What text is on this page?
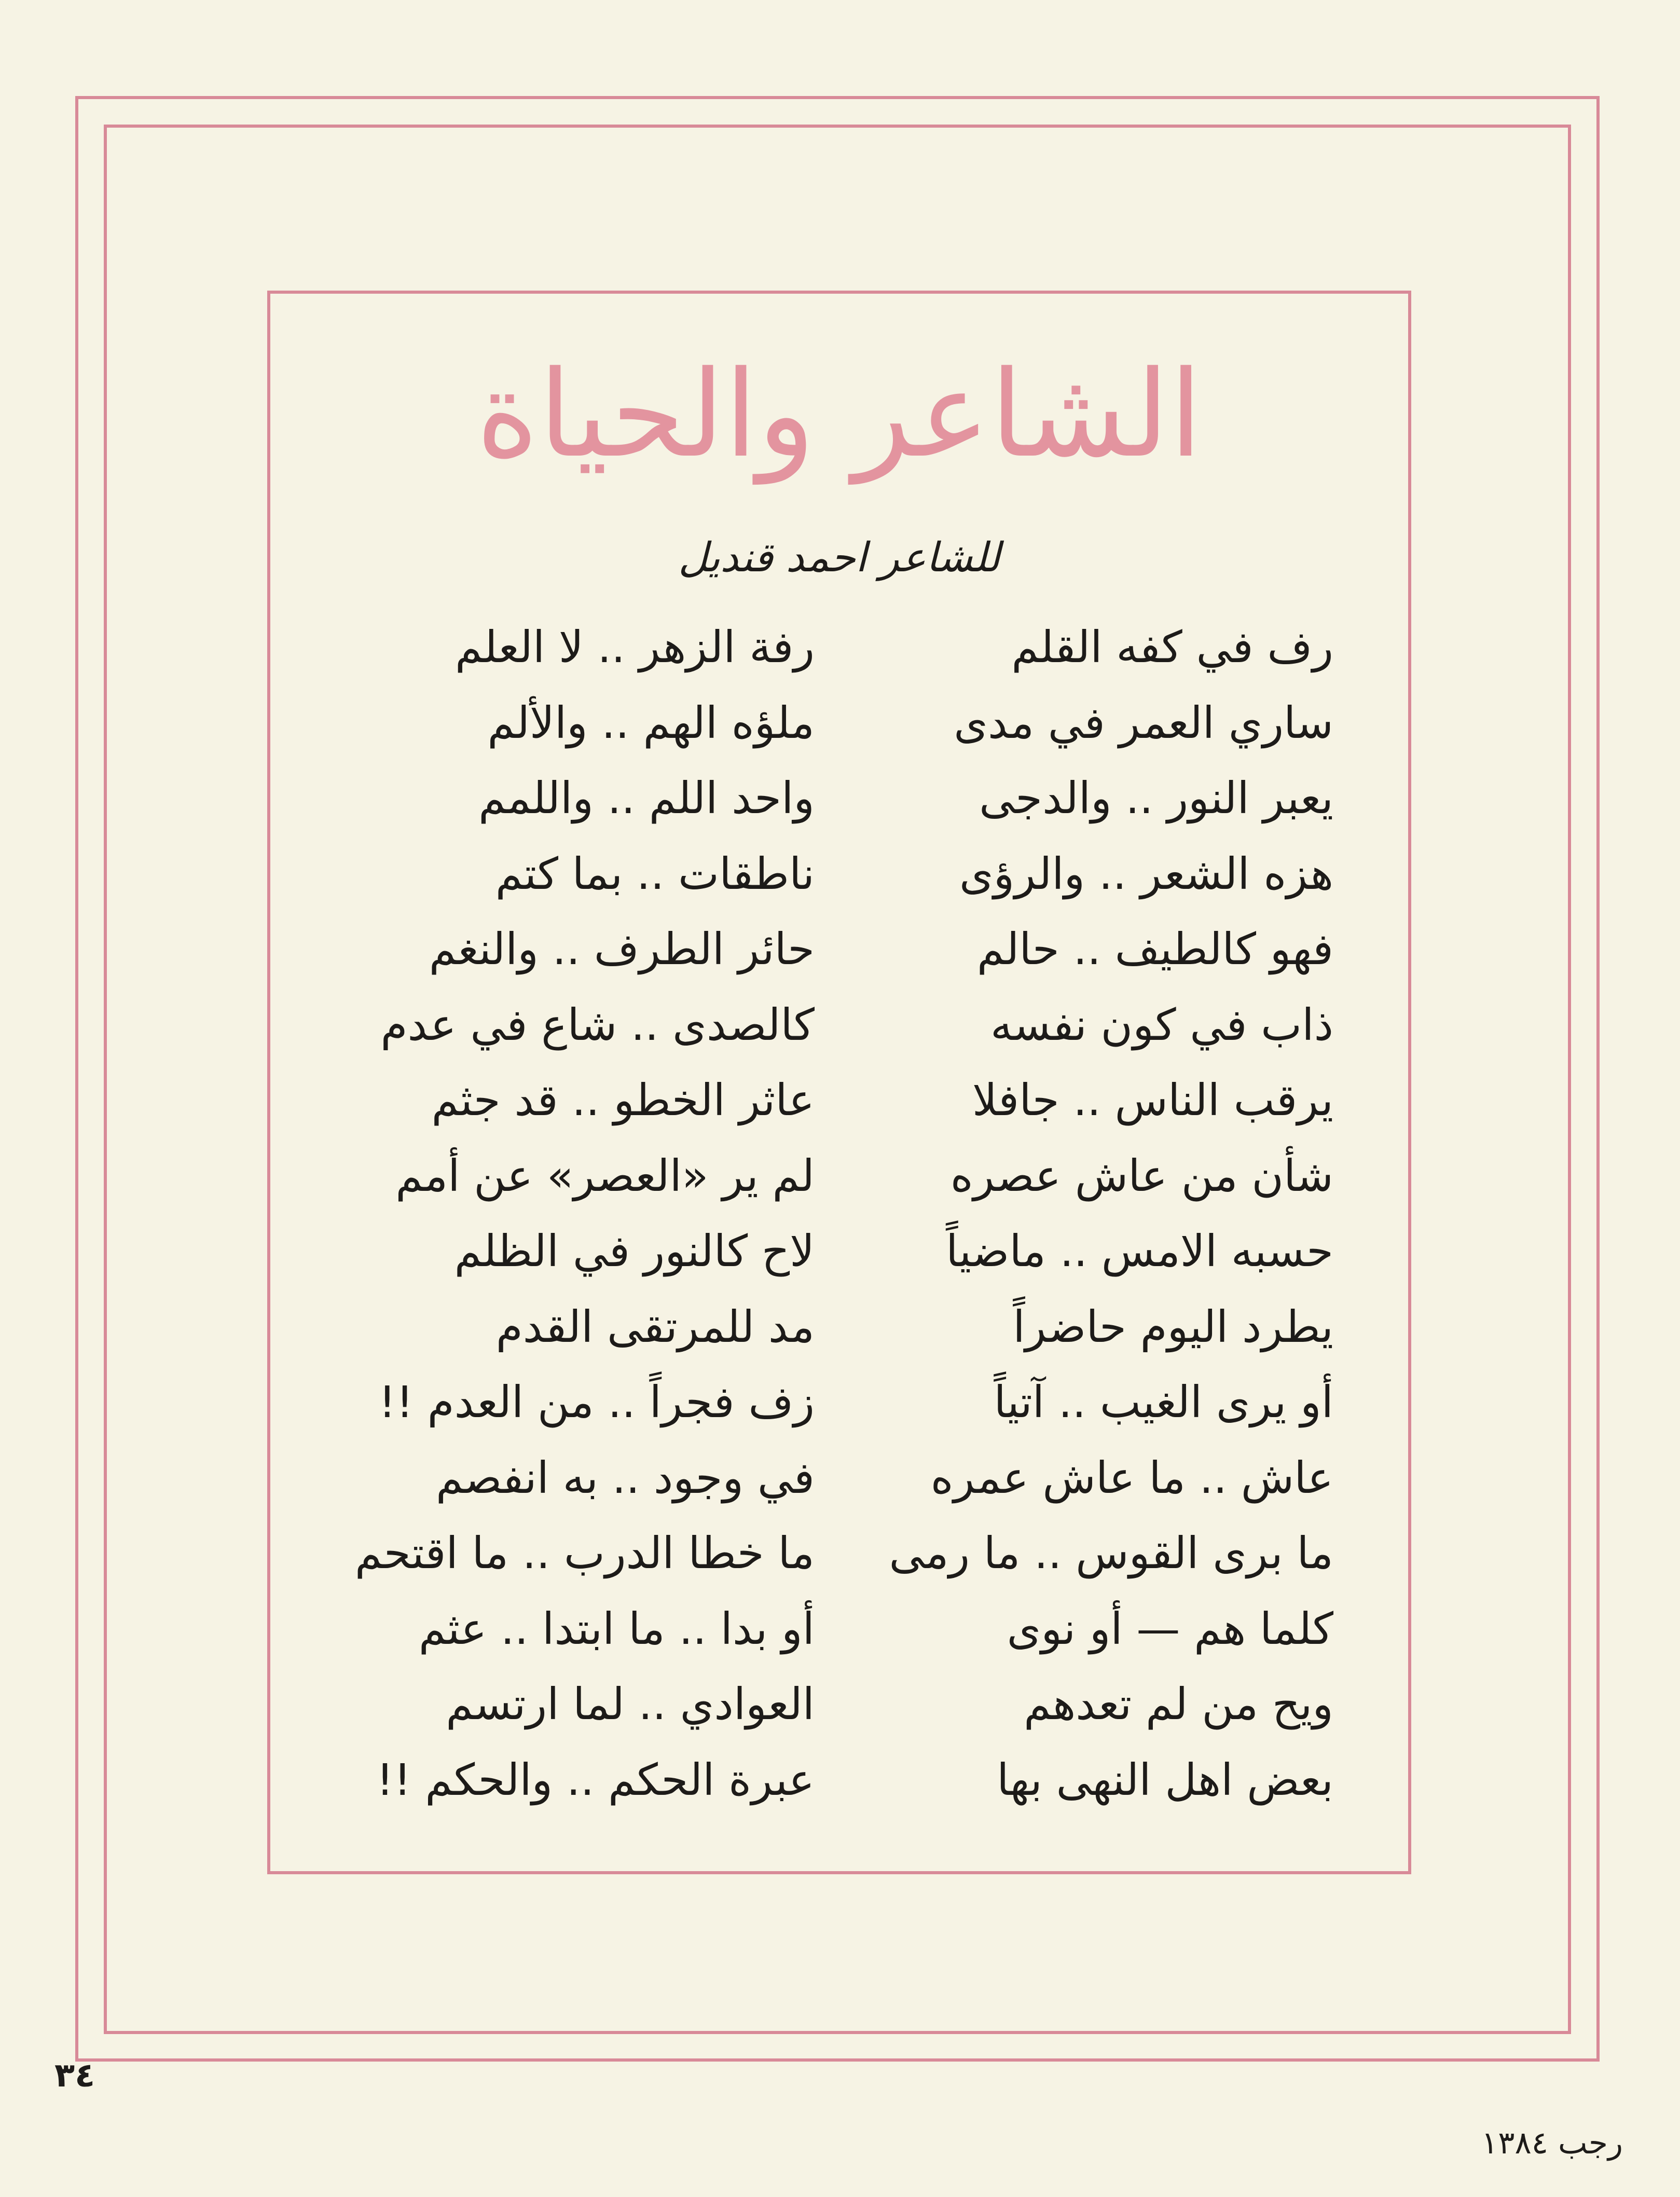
الشاعر والحياة
للشاعر احمد قنديل
رف في كفه القلم
رفة الزهر .. لا العلم
ساري العمر في مدى
ملؤه الهم .. والألم
يعبر النور .. والدجى
واحد اللم .. واللمم
هزه الشعر .. والرؤى
ناطقات .. بما كتم
فهو كالطيف .. حالم
حائر الطرف .. والنغم
ذاب في كون نفسه
كالصدى .. شاع في عدم
يرقب الناس .. جافلا
عاثر الخطو .. قد جثم
شأن من عاش عصره
لم ير «العصر» عن أمم
حسبه الامس .. ماضياً
لاح كالنور في الظلم
يطرد اليوم حاضراً
مد للمرتقى القدم
أو يرى الغيب .. آتياً
زف فجراً .. من العدم !!
عاش .. ما عاش عمره
في وجود .. به انفصم
ما برى القوس .. ما رمى
ما خطا الدرب .. ما اقتحم
كلما هم — أو نوى
أو بدا .. ما ابتدا .. عثم
ويح من لم تعدهم
العوادي .. لما ارتسم
بعض اهل النهى بها
عبرة الحكم .. والحكم !!
٣٤
رجب ١٣٨٤
